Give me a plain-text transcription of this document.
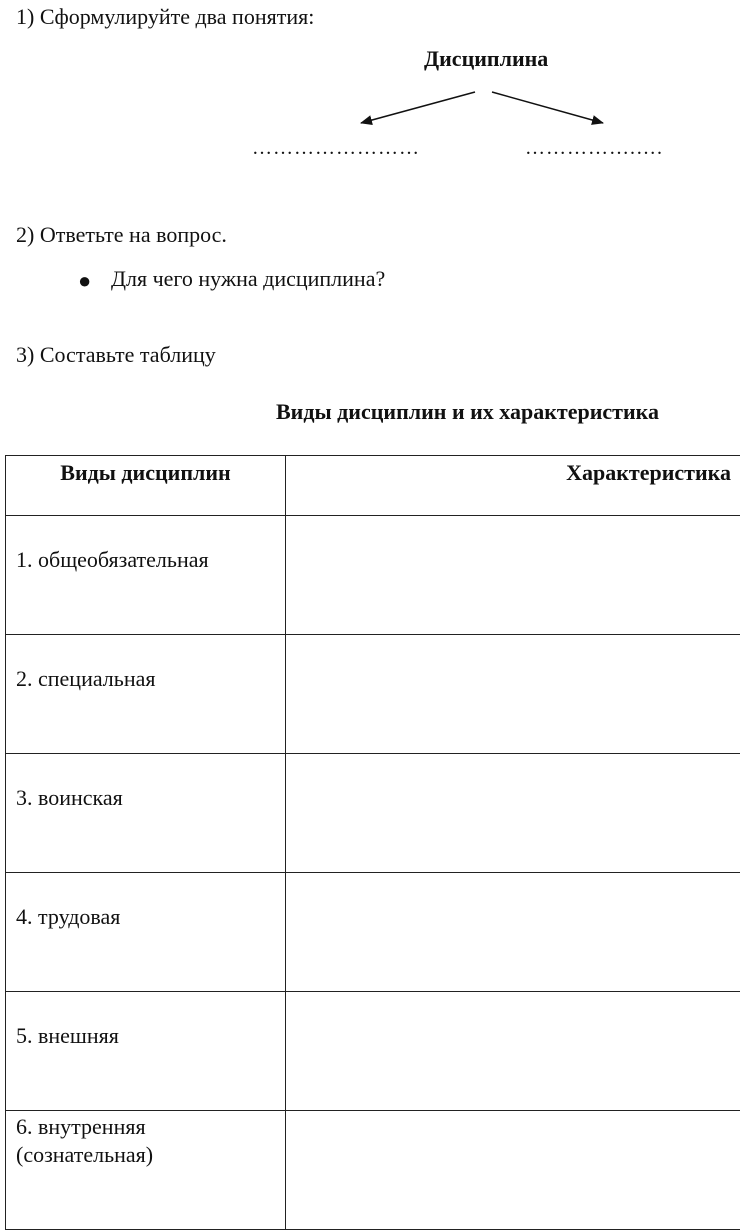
1) Сформулируйте два понятия:
Дисциплина
……………………	…………….….
2) Ответьте на вопрос.
● Для чего нужна дисциплина?
3) Составьте таблицу
Виды дисциплин и их характеристика
Виды дисциплин	Характеристика
1. общеобязательная	
2. специальная	
3. воинская	
4. трудовая	
5. внешняя	
6. внутренняя (сознательная)	
